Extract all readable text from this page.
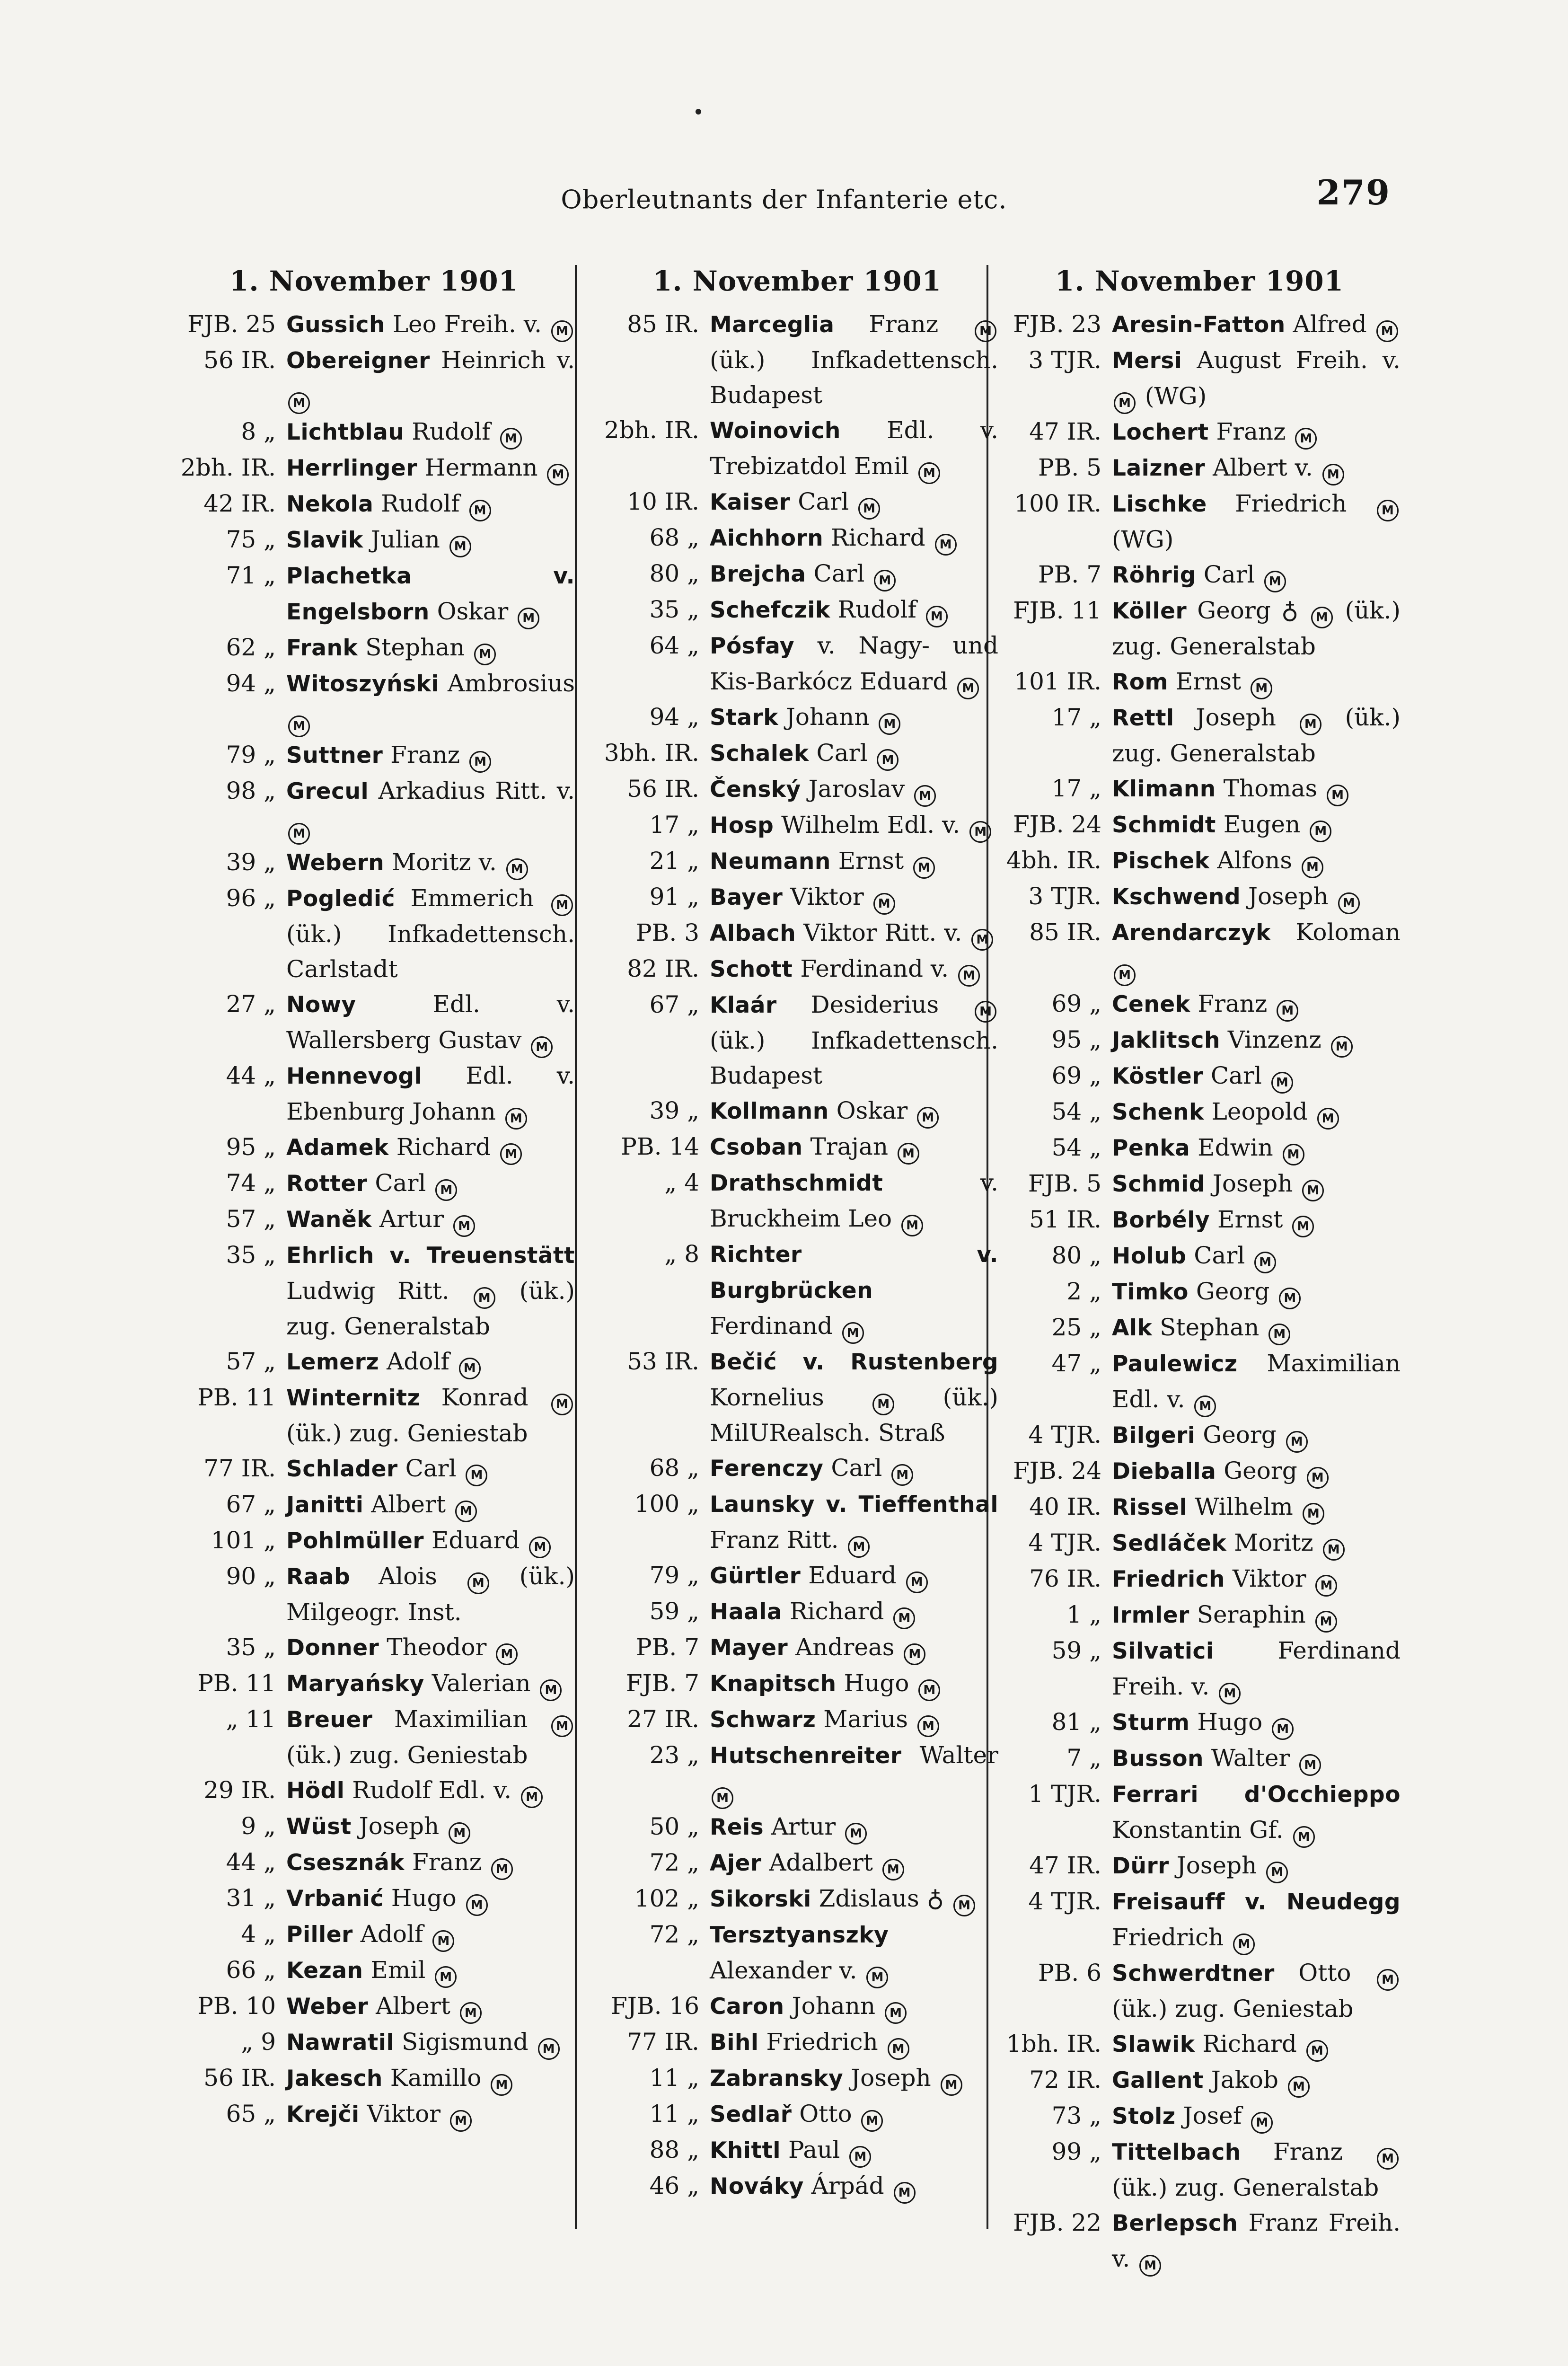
Oberleutnants der Infanterie etc.	279
1. November 1901
FJB. 25 Gussich Leo Freih. v. M
56 IR. Obereigner Heinrich v. M
8 „ Lichtblau Rudolf M
2bh. IR. Herrlinger Hermann M
42 IR. Nekola Rudolf M
75 „ Slavik Julian M
71 „ Plachetka v. Engelsborn Oskar M
62 „ Frank Stephan M
94 „ Witoszyński Ambrosius M
79 „ Suttner Franz M
98 „ Grecul Arkadius Ritt. v. M
39 „ Webern Moritz v. M
96 „ Pogledić Emmerich M (ük.) Infkadettensch. Carlstadt
27 „ Nowy	Edl. v. Wallersberg Gustav M
44 „ Hennevogl Edl. v. Ebenburg Johann M
95 „ Adamek Richard M
74 „ Rotter Carl M
57 „ Waněk Artur M
35 „ Ehrlich v. Treuenstätt Ludwig Ritt. M (ük.) zug. Generalstab
57 „ Lemerz Adolf M
PB. 11 Winternitz Konrad M (ük.) zug. Geniestab
77 IR. Schlader Carl M
67 „ Janitti Albert M
101 „ Pohlmüller Eduard M
90 „ Raab Alois M (ük.) Milgeogr. Inst.
35 „ Donner Theodor M
PB. 11 Maryańsky Valerian M
„ 11 Breuer Maximilian M (ük.) zug. Geniestab
29 IR. Hödl Rudolf Edl. v. M
9 „ Wüst Joseph M
44 „ Csesznák Franz M
31 „ Vrbanić Hugo M
4 „ Piller Adolf M
66 „ Kezan Emil M
PB. 10 Weber Albert M
„ 9 Nawratil Sigismund M
56 IR. Jakesch Kamillo M
65 „ Krejči Viktor M
1. November 1901
85 IR. Marceglia Franz M (ük.) Infkadettensch. Budapest
2bh. IR. Woinovich Edl. v. Trebizatdol Emil M
10 IR. Kaiser Carl M
68 „ Aichhorn Richard M
80 „ Brejcha Carl M
35 „ Schefczik Rudolf M
64 „ Pósfay v. Nagy- und Kis-Barkócz Eduard M
94 „ Stark Johann M
3bh. IR. Schalek Carl M
56 IR. Čenský Jaroslav M
17 „ Hosp Wilhelm Edl. v. M
21 „ Neumann Ernst M
91 „ Bayer Viktor M
PB. 3 Albach Viktor Ritt. v. M
82 IR. Schott Ferdinand v. M
67 „ Klaár Desiderius M (ük.) Infkadettensch. Budapest
39 „ Kollmann Oskar M
PB. 14 Csoban Trajan M
„ 4 Drathschmidt	v. Bruckheim Leo M
„ 8 Richter v. Burgbrücken Ferdinand M
53 IR. Bečić v. Rustenberg Kornelius M (ük.) MilURealsch. Straß
68 „ Ferenczy Carl M
100 „ Launsky v. Tieffenthal Franz Ritt. M
79 „ Gürtler Eduard M
59 „ Haala Richard M
PB. 7 Mayer Andreas M
FJB. 7 Knapitsch Hugo M
27 IR. Schwarz Marius M
23 „ Hutschenreiter Walter M
50 „ Reis Artur M
72 „ Ajer Adalbert M
102 „ Sikorski Zdislaus ♁ M
72 „ Tersztyanszky Alexander v. M
FJB. 16 Caron Johann M
77 IR. Bihl Friedrich M
11 „ Zabransky Joseph M
11 „ Sedlař Otto M
88 „ Khittl Paul M
46 „ Nováky Árpád M
1. November 1901
FJB. 23 Aresin-Fatton Alfred M
3 TJR. Mersi August Freih. v. M (WG)
47 IR. Lochert Franz M
PB. 5 Laizner Albert v. M
100 IR. Lischke Friedrich M (WG)
PB. 7 Röhrig Carl M
FJB. 11 Köller Georg ♁ M (ük.) zug. Generalstab
101 IR. Rom Ernst M
17 „ Rettl Joseph M (ük.) zug. Generalstab
17 „ Klimann Thomas M
FJB. 24 Schmidt Eugen M
4bh. IR. Pischek Alfons M
3 TJR. Kschwend Joseph M
85 IR. Arendarczyk Koloman M
69 „ Cenek Franz M
95 „ Jaklitsch Vinzenz M
69 „ Köstler Carl M
54 „ Schenk Leopold M
54 „ Penka Edwin M
FJB. 5 Schmid Joseph M
51 IR. Borbély Ernst M
80 „ Holub Carl M
2 „ Timko Georg M
25 „ Alk Stephan M
47 „ Paulewicz Maximilian Edl. v. M
4 TJR. Bilgeri Georg M
FJB. 24 Dieballa Georg M
40 IR. Rissel Wilhelm M
4 TJR. Sedláček Moritz M
76 IR. Friedrich Viktor M
1 „ Irmler Seraphin M
59 „ Silvatici	Ferdinand Freih. v. M
81 „ Sturm Hugo M
7 „ Busson Walter M
1 TJR. Ferrari d'Occhieppo Konstantin Gf. M
47 IR. Dürr Joseph M
4 TJR. Freisauff v. Neudegg Friedrich M
PB. 6 Schwerdtner Otto M (ük.) zug. Geniestab
1bh. IR. Slawik Richard M
72 IR. Gallent Jakob M
73 „ Stolz Josef M
99 „ Tittelbach Franz M (ük.) zug. Generalstab
FJB. 22 Berlepsch Franz Freih. v. M
